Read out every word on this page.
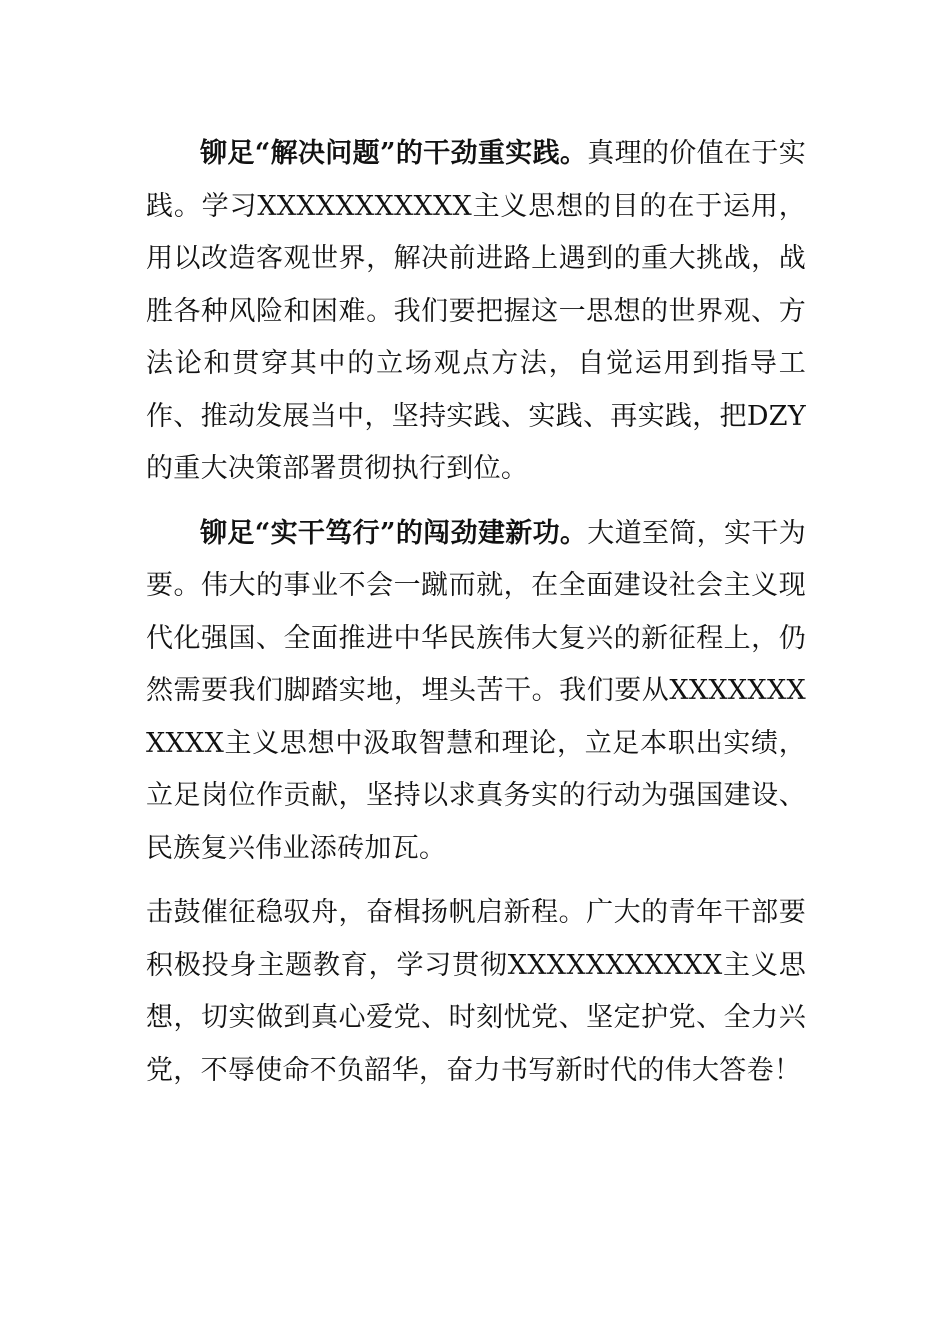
铆足“解决问题”的干劲重实践。真理的价值在于实践。学习XXXXXXXXXXX主义思想的目的在于运用，用以改造客观世界，解决前进路上遇到的重大挑战，战胜各种风险和困难。我们要把握这一思想的世界观、方法论和贯穿其中的立场观点方法，自觉运用到指导工作、推动发展当中，坚持实践、实践、再实践，把DZY的重大决策部署贯彻执行到位。

铆足“实干笃行”的闯劲建新功。大道至简，实干为要。伟大的事业不会一蹴而就，在全面建设社会主义现代化强国、全面推进中华民族伟大复兴的新征程上，仍然需要我们脚踏实地，埋头苦干。我们要从XXXXXXXXXXX主义思想中汲取智慧和理论，立足本职出实绩，立足岗位作贡献，坚持以求真务实的行动为强国建设、民族复兴伟业添砖加瓦。

击鼓催征稳驭舟，奋楫扬帆启新程。广大的青年干部要积极投身主题教育，学习贯彻XXXXXXXXXXX主义思想，切实做到真心爱党、时刻忧党、坚定护党、全力兴党，不辱使命不负韶华，奋力书写新时代的伟大答卷！
